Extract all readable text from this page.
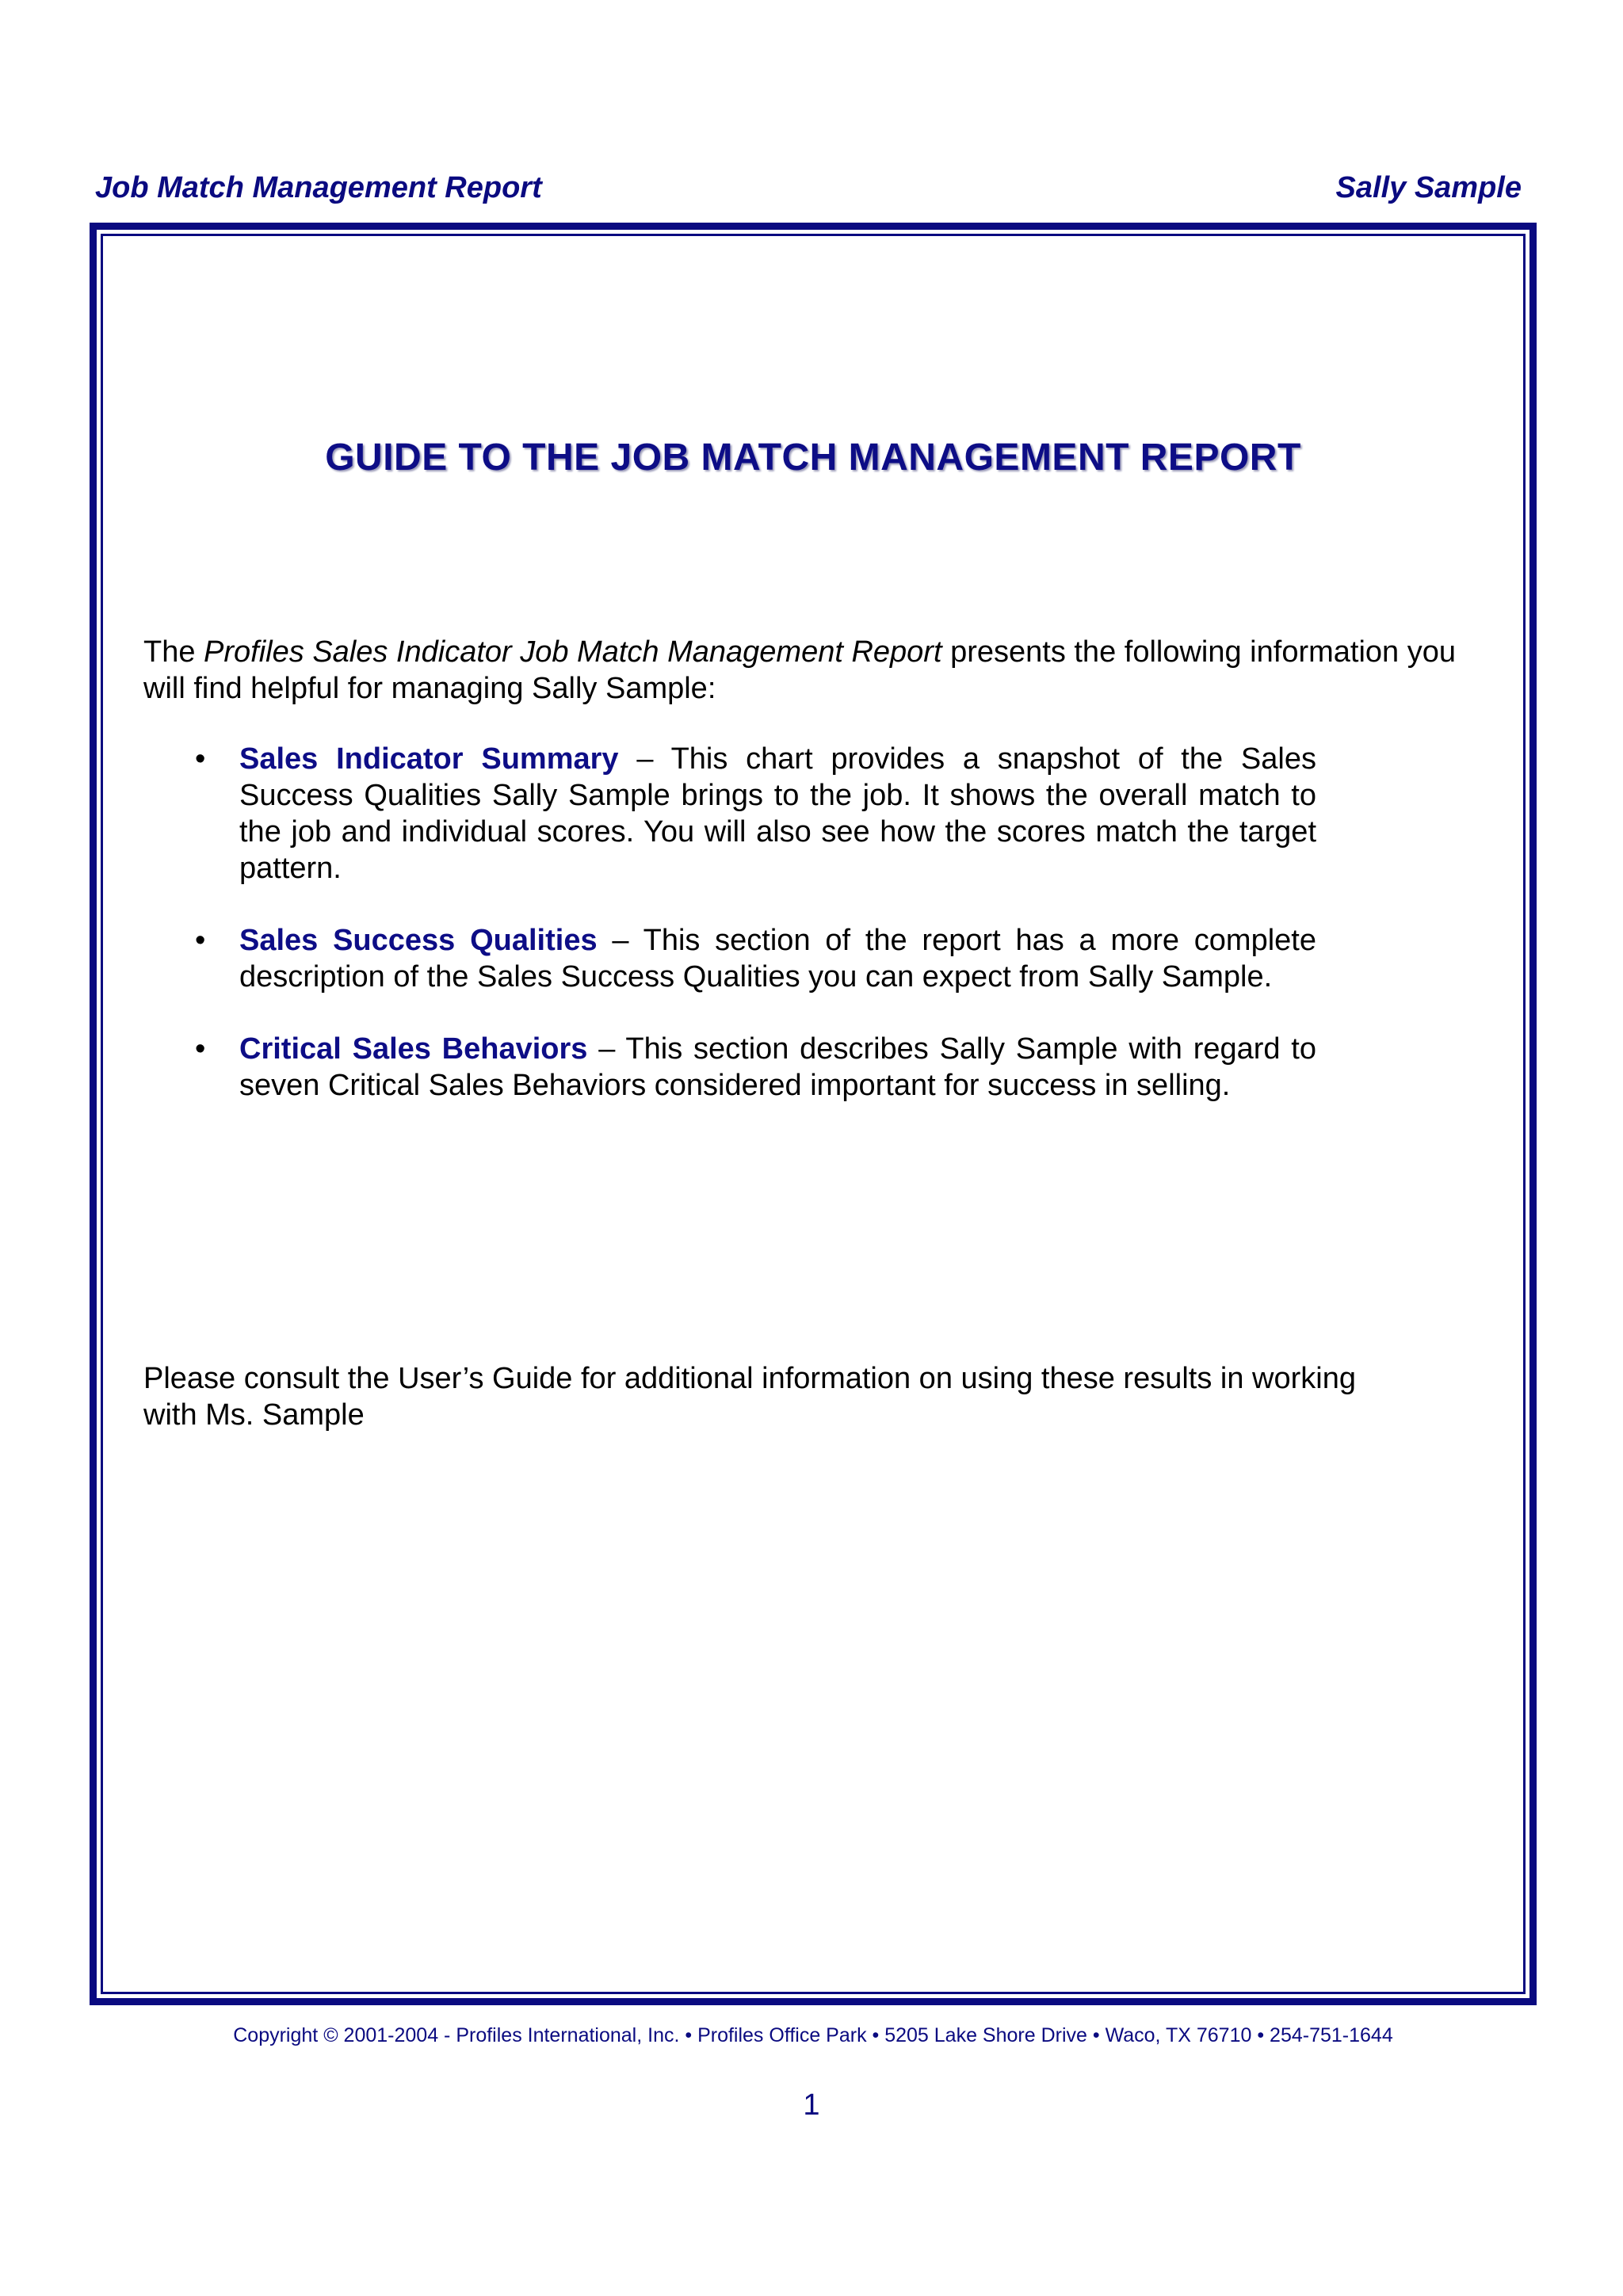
Job Match Management Report	Sally Sample
GUIDE TO THE JOB MATCH MANAGEMENT REPORT
The Profiles Sales Indicator Job Match Management Report presents the following information you will find helpful for managing Sally Sample:
• Sales Indicator Summary – This chart provides a snapshot of the Sales Success Qualities Sally Sample brings to the job. It shows the overall match to the job and individual scores. You will also see how the scores match the target pattern.
• Sales Success Qualities – This section of the report has a more complete description of the Sales Success Qualities you can expect from Sally Sample.
• Critical Sales Behaviors – This section describes Sally Sample with regard to seven Critical Sales Behaviors considered important for success in selling.
Please consult the User’s Guide for additional information on using these results in working with Ms. Sample
Copyright © 2001-2004 - Profiles International, Inc. • Profiles Office Park • 5205 Lake Shore Drive • Waco, TX 76710 • 254-751-1644
1
